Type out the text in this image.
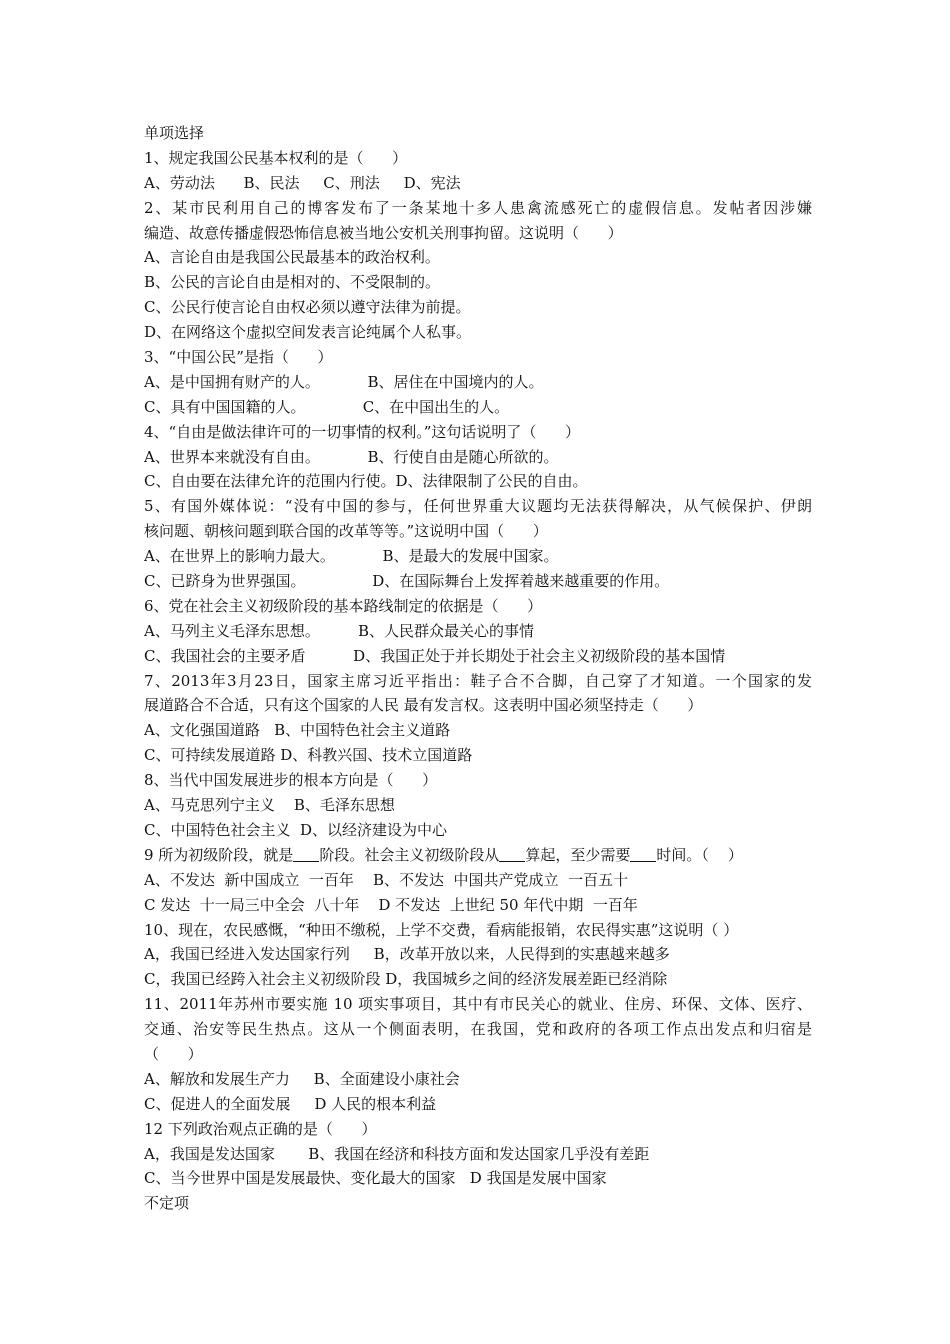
单项选择
1、规定我国公民基本权利的是（      ）
A、劳动法      B、民法     C、刑法     D、宪法
2、某市民利用自己的博客发布了一条某地十多人患禽流感死亡的虚假信息。发帖者因涉嫌
编造、故意传播虚假恐怖信息被当地公安机关刑事拘留。这说明（      ）
A、言论自由是我国公民最基本的政治权利。
B、公民的言论自由是相对的、不受限制的。
C、公民行使言论自由权必须以遵守法律为前提。
D、在网络这个虚拟空间发表言论纯属个人私事。
3、“中国公民”是指（      ）
A、是中国拥有财产的人。          B、居住在中国境内的人。
C、具有中国国籍的人。            C、在中国出生的人。
4、“自由是做法律许可的一切事情的权利。”这句话说明了（      ）
A、世界本来就没有自由。          B、行使自由是随心所欲的。
C、自由要在法律允许的范围内行使。D、法律限制了公民的自由。
5、有国外媒体说：“没有中国的参与，任何世界重大议题均无法获得解决，从气候保护、伊朗
核问题、朝核问题到联合国的改革等等。”这说明中国（      ）
A、在世界上的影响力最大。          B、是最大的发展中国家。
C、已跻身为世界强国。              D、在国际舞台上发挥着越来越重要的作用。
6、党在社会主义初级阶段的基本路线制定的依据是（      ）
A、马列主义毛泽东思想。        B、人民群众最关心的事情
C、我国社会的主要矛盾          D、我国正处于并长期处于社会主义初级阶段的基本国情
7、2013年3月23日，国家主席习近平指出：鞋子合不合脚，自己穿了才知道。一个国家的发
展道路合不合适，只有这个国家的人民 最有发言权。这表明中国必须坚持走（      ）
A、文化强国道路   B、中国特色社会主义道路
C、可持续发展道路 D、科教兴国、技术立国道路
8、当代中国发展进步的根本方向是（      ）
A、马克思列宁主义    B、毛泽东思想
C、中国特色社会主义  D、以经济建设为中心
9 所为初级阶段，就是 阶段。社会主义初级阶段从 算起，至少需要 时间。（    ）
A、不发达  新中国成立  一百年    B、不发达  中国共产党成立  一百五十
C 发达  十一局三中全会  八十年    D 不发达  上世纪 50 年代中期  一百年
10、现在，农民感慨，“种田不缴税，上学不交费，看病能报销，农民得实惠”这说明（ ）
A，我国已经进入发达国家行列     B，改革开放以来，人民得到的实惠越来越多
C，我国已经跨入社会主义初级阶段 D，我国城乡之间的经济发展差距已经消除
11、2011年苏州市要实施 10 项实事项目，其中有市民关心的就业、住房、环保、文体、医疗、
交通、治安等民生热点。这从一个侧面表明，在我国，党和政府的各项工作点出发点和归宿是
（      ）
A、解放和发展生产力     B、全面建设小康社会
C、促进人的全面发展     D 人民的根本利益
12 下列政治观点正确的是（      ）
A，我国是发达国家       B、我国在经济和科技方面和发达国家几乎没有差距
C、当今世界中国是发展最快、变化最大的国家   D 我国是发展中国家
不定项
